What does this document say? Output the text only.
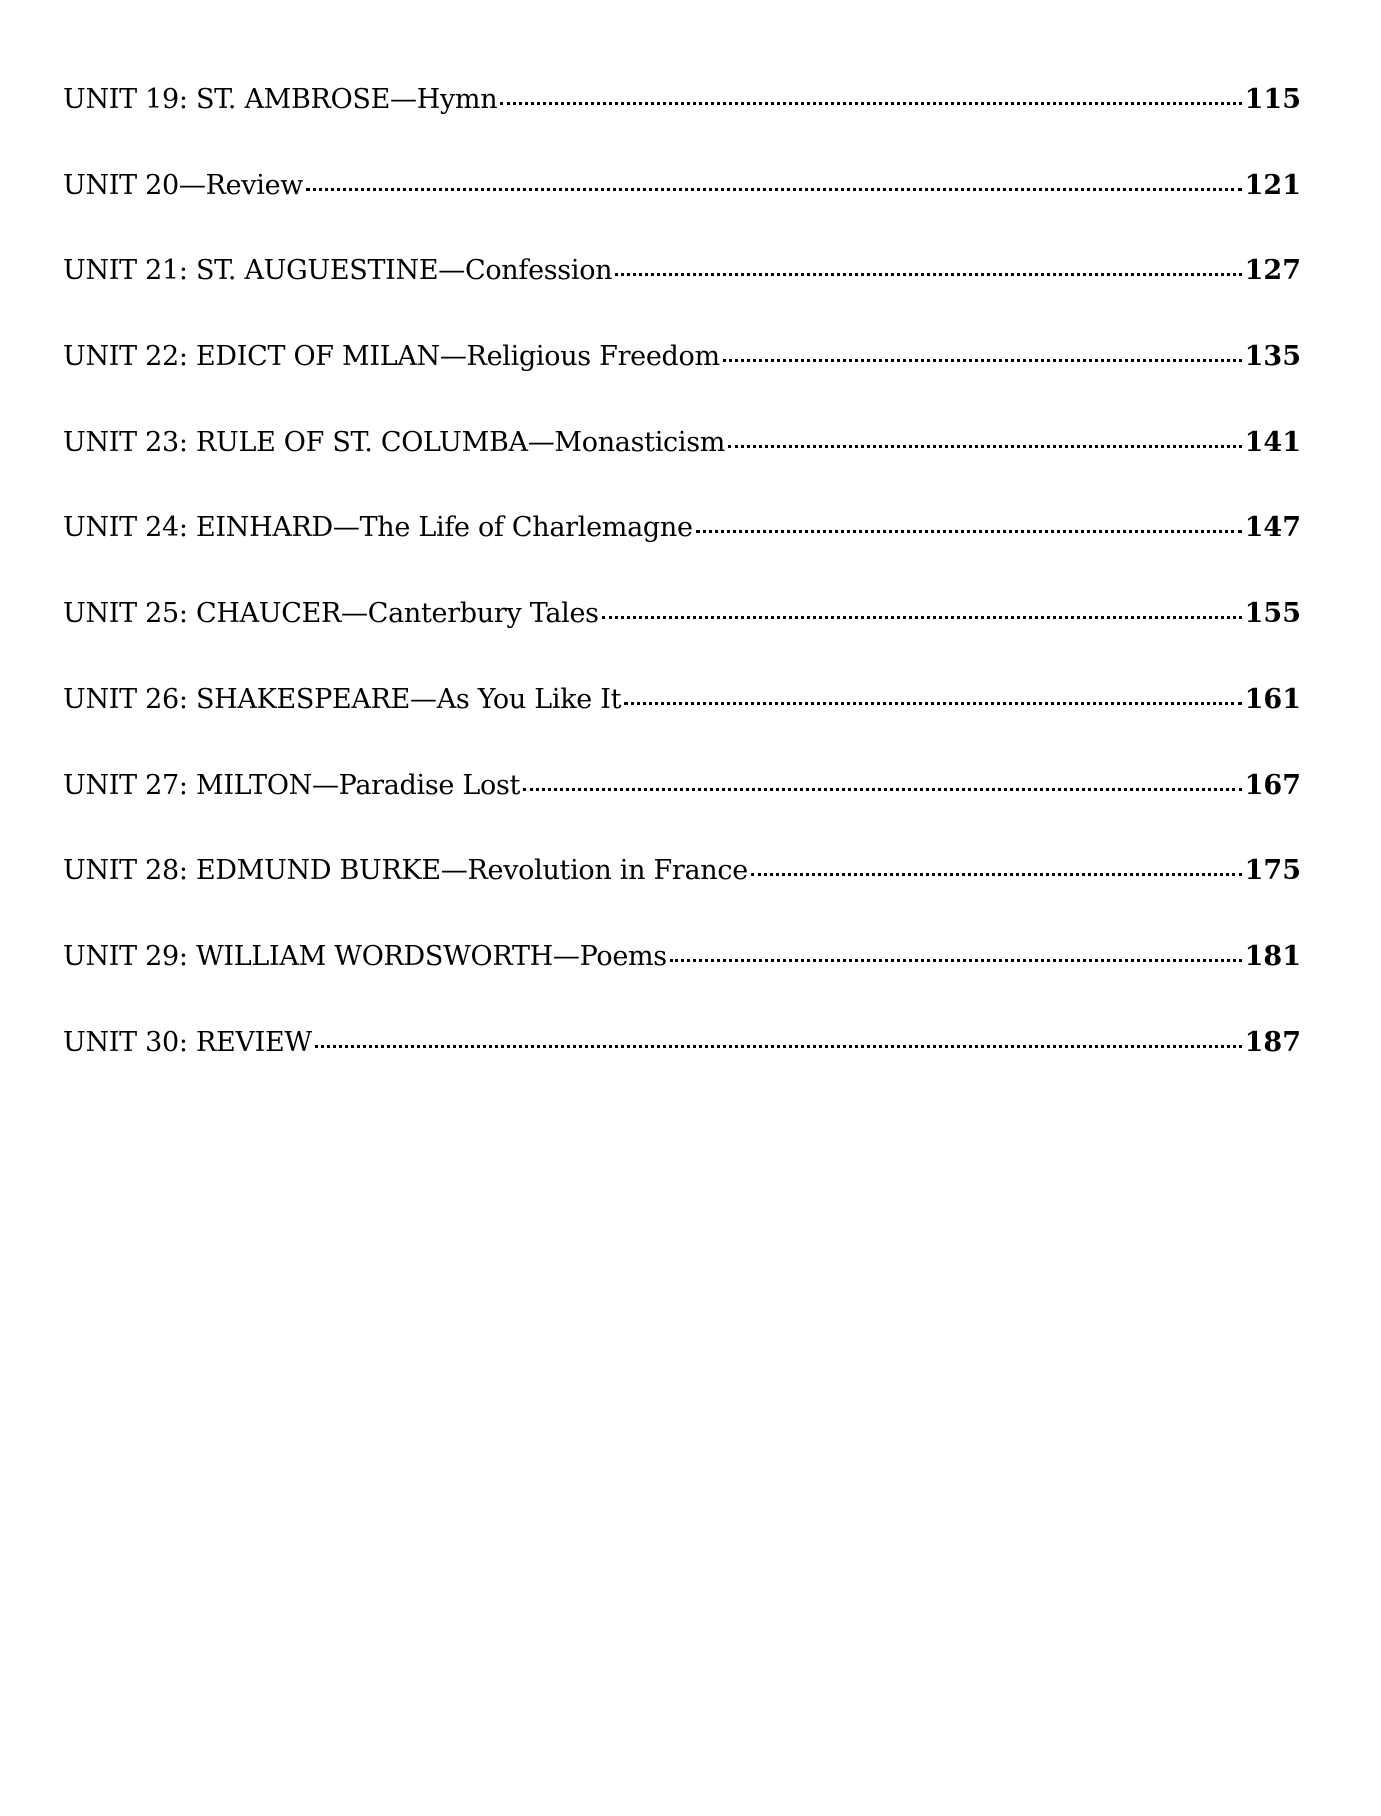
UNIT 19: ST. AMBROSE—Hymn	115
UNIT 20—Review	121
UNIT 21: ST. AUGUESTINE—Confession	127
UNIT 22: EDICT OF MILAN—Religious Freedom	135
UNIT 23: RULE OF ST. COLUMBA—Monasticism	141
UNIT 24: EINHARD—The Life of Charlemagne	147
UNIT 25: CHAUCER—Canterbury Tales	155
UNIT 26: SHAKESPEARE—As You Like It	161
UNIT 27: MILTON—Paradise Lost	167
UNIT 28: EDMUND BURKE—Revolution in France	175
UNIT 29: WILLIAM WORDSWORTH—Poems	181
UNIT 30: REVIEW	187
